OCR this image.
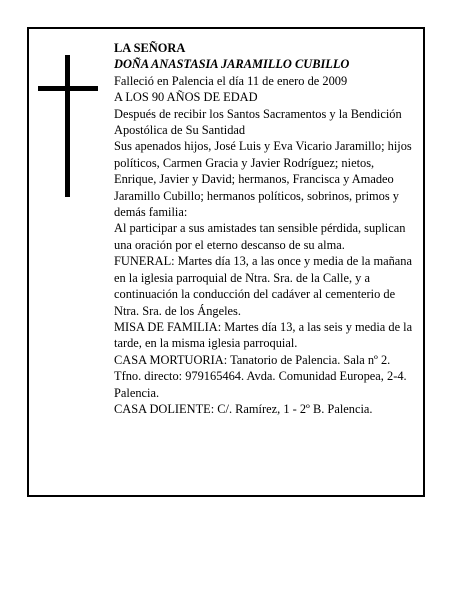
LA SEÑORA

DOÑA ANASTASIA JARAMILLO CUBILLO

Falleció en Palencia el día 11 de enero de 2009

A LOS 90 AÑOS DE EDAD

Después de recibir los Santos Sacramentos y la Bendición Apostólica de Su Santidad

Sus apenados hijos, José Luis y Eva Vicario Jaramillo; hijos políticos, Carmen Gracia y Javier Rodríguez; nietos, Enrique, Javier y David; hermanos, Francisca y Amadeo Jaramillo Cubillo; hermanos políticos, sobrinos, primos y demás familia:

Al participar a sus amistades tan sensible pérdida, suplican una oración por el eterno descanso de su alma.

FUNERAL: Martes día 13, a las once y media de la mañana en la iglesia parroquial de Ntra. Sra. de la Calle, y a continuación la conducción del cadáver al cementerio de Ntra. Sra. de los Ángeles.

MISA DE FAMILIA: Martes día 13, a las seis y media de la tarde, en la misma iglesia parroquial.

CASA MORTUORIA: Tanatorio de Palencia. Sala nº 2.

Tfno. directo: 979165464. Avda. Comunidad Europea, 2-4. Palencia.

CASA DOLIENTE: C/. Ramírez, 1 - 2º B. Palencia.
